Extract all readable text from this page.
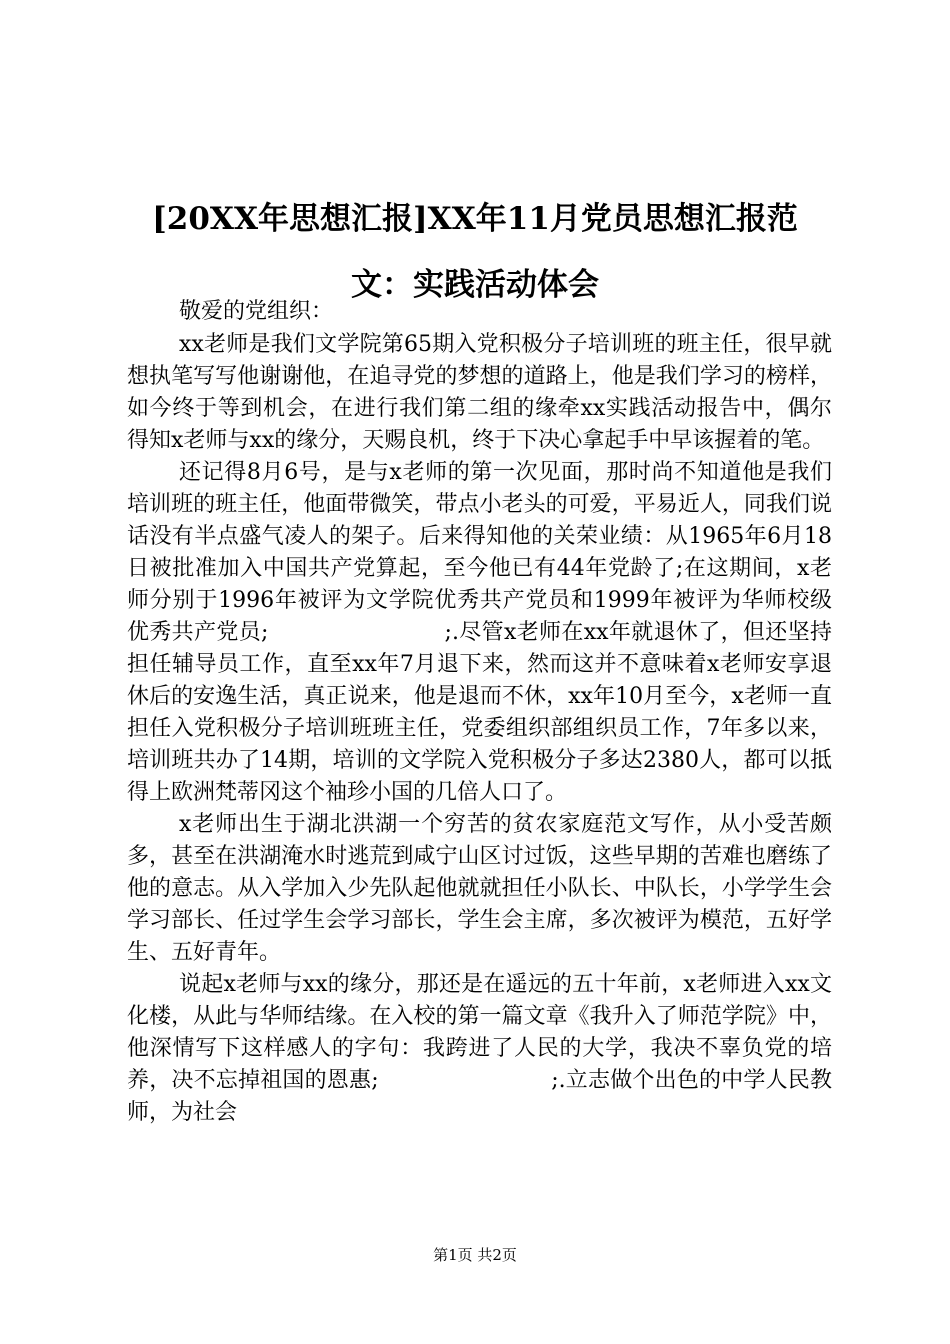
[20XX年思想汇报]XX年11月党员思想汇报范
文：实践活动体会

敬爱的党组织：

xx老师是我们文学院第65期入党积极分子培训班的班主任，很早就想执笔写写他谢谢他，在追寻党的梦想的道路上，他是我们学习的榜样，如今终于等到机会，在进行我们第二组的缘牵xx实践活动报告中，偶尔得知x老师与xx的缘分，天赐良机，终于下决心拿起手中早该握着的笔。

还记得8月6号，是与x老师的第一次见面，那时尚不知道他是我们培训班的班主任，他面带微笑，带点小老头的可爱，平易近人，同我们说话没有半点盛气凌人的架子。后来得知他的关荣业绩：从1965年6月18日被批准加入中国共产党算起，至今他已有44年党龄了;在这期间，x老师分别于1996年被评为文学院优秀共产党员和1999年被评为华师校级优秀共产党员;                        ;.尽管x老师在xx年就退休了，但还坚持担任辅导员工作，直至xx年7月退下来，然而这并不意味着x老师安享退休后的安逸生活，真正说来，他是退而不休，xx年10月至今，x老师一直担任入党积极分子培训班班主任，党委组织部组织员工作，7年多以来，培训班共办了14期，培训的文学院入党积极分子多达2380人，都可以抵得上欧洲梵蒂冈这个袖珍小国的几倍人口了。

x老师出生于湖北洪湖一个穷苦的贫农家庭范文写作，从小受苦颇多，甚至在洪湖淹水时逃荒到咸宁山区讨过饭，这些早期的苦难也磨练了他的意志。从入学加入少先队起他就就担任小队长、中队长，小学学生会学习部长、任过学生会学习部长，学生会主席，多次被评为模范，五好学生、五好青年。

说起x老师与xx的缘分，那还是在遥远的五十年前，x老师进入xx文化楼，从此与华师结缘。在入校的第一篇文章《我升入了师范学院》中，他深情写下这样感人的字句：我跨进了人民的大学，我决不辜负党的培养，决不忘掉祖国的恩惠;                        ;.立志做个出色的中学人民教师，为社会

第1页 共2页
